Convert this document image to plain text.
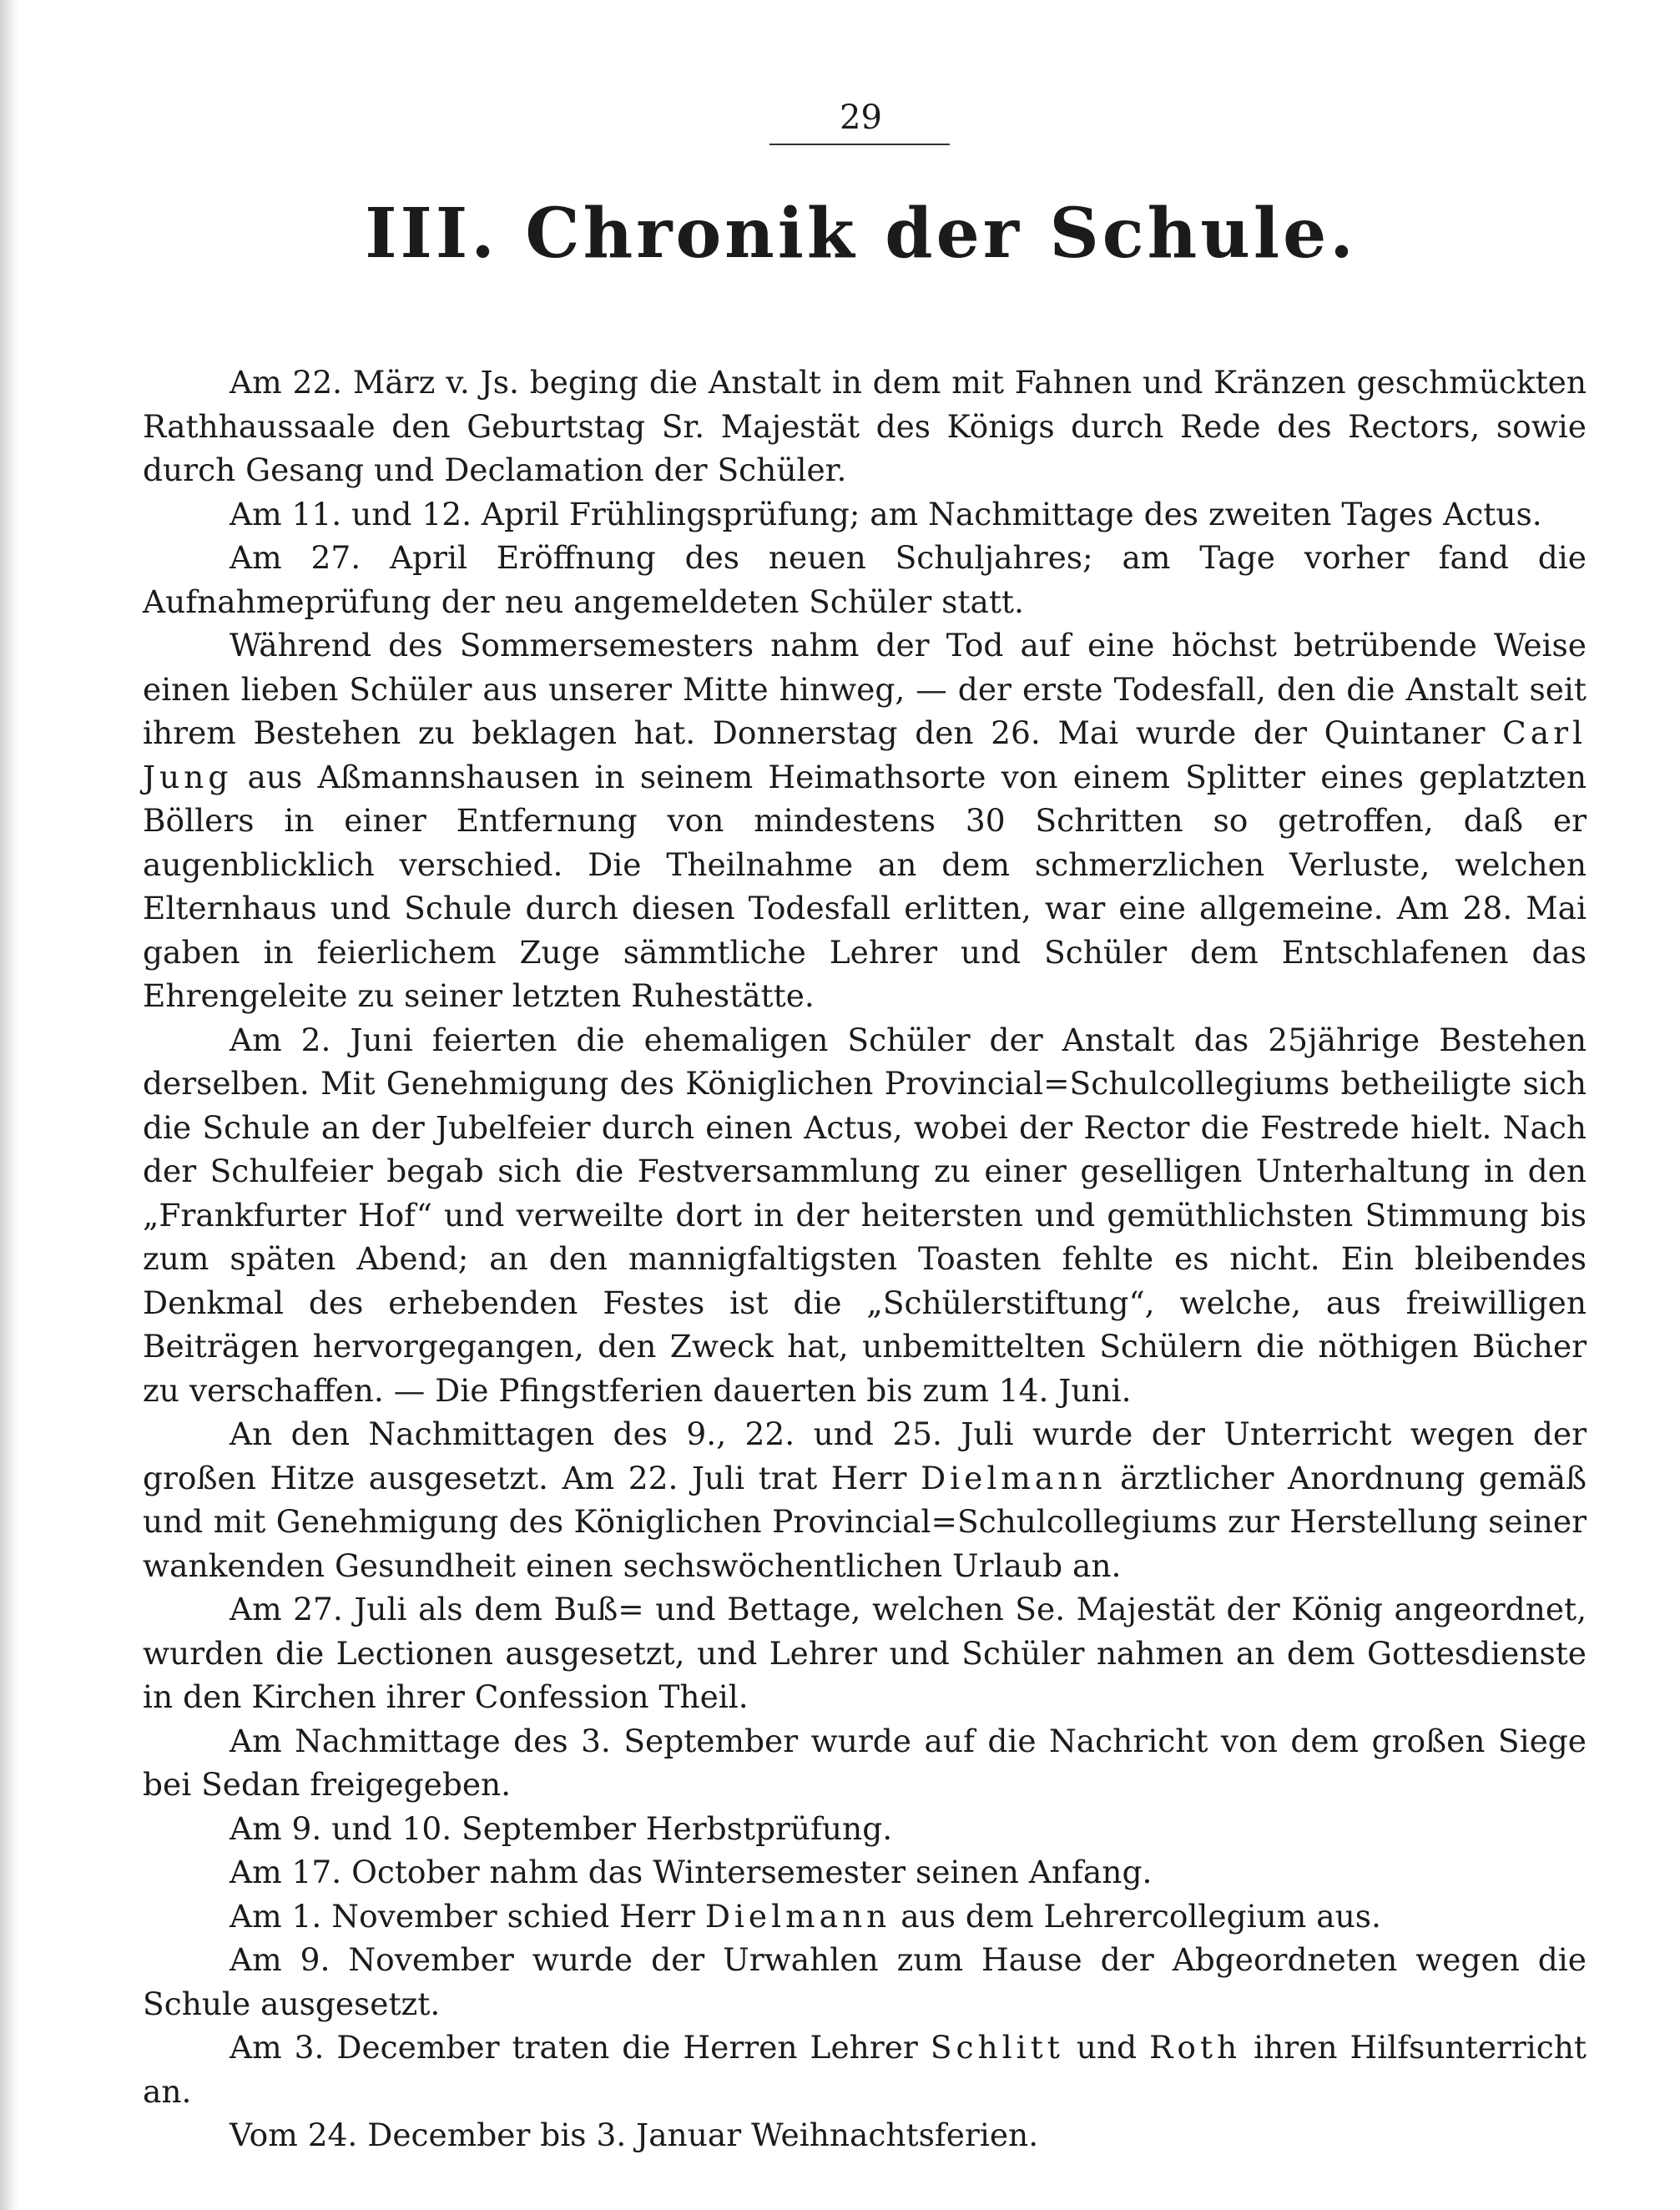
29
III. Chronik der Schule.

Am 22. März v. Js. beging die Anstalt in dem mit Fahnen und Kränzen geschmückten Rathhaussaale den Geburtstag Sr. Majestät des Königs durch Rede des Rectors, sowie durch Gesang und Declamation der Schüler.

Am 11. und 12. April Frühlingsprüfung; am Nachmittage des zweiten Tages Actus.

Am 27. April Eröffnung des neuen Schuljahres; am Tage vorher fand die Aufnahmeprüfung der neu angemeldeten Schüler statt.

Während des Sommersemesters nahm der Tod auf eine höchst betrübende Weise einen lieben Schüler aus unserer Mitte hinweg, — der erste Todesfall, den die Anstalt seit ihrem Bestehen zu beklagen hat. Donnerstag den 26. Mai wurde der Quintaner Carl Jung aus Aßmannshausen in seinem Heimathsorte von einem Splitter eines geplatzten Böllers in einer Entfernung von mindestens 30 Schritten so getroffen, daß er augenblicklich verschied. Die Theilnahme an dem schmerzlichen Verluste, welchen Elternhaus und Schule durch diesen Todesfall erlitten, war eine allgemeine. Am 28. Mai gaben in feierlichem Zuge sämmtliche Lehrer und Schüler dem Entschlafenen das Ehrengeleite zu seiner letzten Ruhestätte.

Am 2. Juni feierten die ehemaligen Schüler der Anstalt das 25jährige Bestehen derselben. Mit Genehmigung des Königlichen Provincial=Schulcollegiums betheiligte sich die Schule an der Jubelfeier durch einen Actus, wobei der Rector die Festrede hielt. Nach der Schulfeier begab sich die Festversammlung zu einer geselligen Unterhaltung in den „Frankfurter Hof“ und verweilte dort in der heitersten und gemüthlichsten Stimmung bis zum späten Abend; an den mannigfaltigsten Toasten fehlte es nicht. Ein bleibendes Denkmal des erhebenden Festes ist die „Schülerstiftung“, welche, aus freiwilligen Beiträgen hervorgegangen, den Zweck hat, unbemittelten Schülern die nöthigen Bücher zu verschaffen. — Die Pfingstferien dauerten bis zum 14. Juni.

An den Nachmittagen des 9., 22. und 25. Juli wurde der Unterricht wegen der großen Hitze ausgesetzt. Am 22. Juli trat Herr Dielmann ärztlicher Anordnung gemäß und mit Genehmigung des Königlichen Provincial=Schulcollegiums zur Herstellung seiner wankenden Gesundheit einen sechswöchentlichen Urlaub an.

Am 27. Juli als dem Buß= und Bettage, welchen Se. Majestät der König angeordnet, wurden die Lectionen ausgesetzt, und Lehrer und Schüler nahmen an dem Gottesdienste in den Kirchen ihrer Confession Theil.

Am Nachmittage des 3. September wurde auf die Nachricht von dem großen Siege bei Sedan freigegeben.

Am 9. und 10. September Herbstprüfung.

Am 17. October nahm das Wintersemester seinen Anfang.

Am 1. November schied Herr Dielmann aus dem Lehrercollegium aus.

Am 9. November wurde der Urwahlen zum Hause der Abgeordneten wegen die Schule ausgesetzt.

Am 3. December traten die Herren Lehrer Schlitt und Roth ihren Hilfsunterricht an.

Vom 24. December bis 3. Januar Weihnachtsferien.
